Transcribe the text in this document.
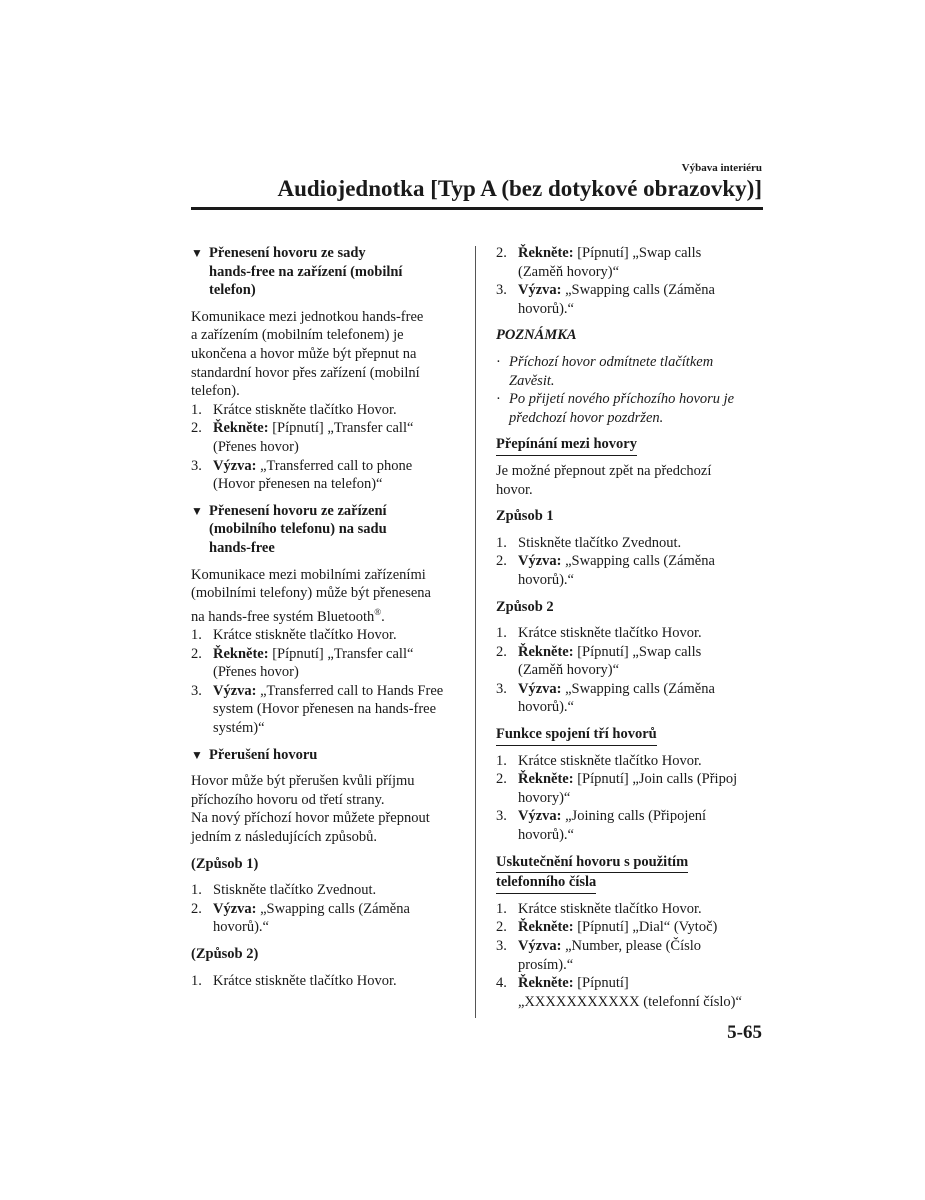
Výbava interiéru
Audiojednotka [Typ A (bez dotykové obrazovky)]
▼ Přenesení hovoru ze sady
hands-free na zařízení (mobilní
telefon)

Komunikace mezi jednotkou hands-free
a zařízením (mobilním telefonem) je
ukončena a hovor může být přepnut na
standardní hovor přes zařízení (mobilní
telefon).

1. Krátce stiskněte tlačítko Hovor.
2. Řekněte: [Pípnutí] „Transfer call“
(Přenes hovor)
3. Výzva: „Transferred call to phone
(Hovor přenesen na telefon)“
▼ Přenesení hovoru ze zařízení
(mobilního telefonu) na sadu
hands-free

Komunikace mezi mobilními zařízeními
(mobilními telefony) může být přenesena
na hands-free systém Bluetooth®.

1. Krátce stiskněte tlačítko Hovor.
2. Řekněte: [Pípnutí] „Transfer call“
(Přenes hovor)
3. Výzva: „Transferred call to Hands Free
system (Hovor přenesen na hands-free
systém)“
▼ Přerušení hovoru

Hovor může být přerušen kvůli příjmu
příchozího hovoru od třetí strany.
Na nový příchozí hovor můžete přepnout
jedním z následujících způsobů.

(Způsob 1)
1. Stiskněte tlačítko Zvednout.
2. Výzva: „Swapping calls (Záměna
hovorů).“
(Způsob 2)
1. Krátce stiskněte tlačítko Hovor.
2. Řekněte: [Pípnutí] „Swap calls
(Zaměň hovory)“
3. Výzva: „Swapping calls (Záměna
hovorů).“
POZNÁMKA
· Příchozí hovor odmítnete tlačítkem
Zavěsit.
· Po přijetí nového příchozího hovoru je
předchozí hovor pozdržen.
Přepínání mezi hovory

Je možné přepnout zpět na předchozí
hovor.

Způsob 1
1. Stiskněte tlačítko Zvednout.
2. Výzva: „Swapping calls (Záměna
hovorů).“
Způsob 2
1. Krátce stiskněte tlačítko Hovor.
2. Řekněte: [Pípnutí] „Swap calls
(Zaměň hovory)“
3. Výzva: „Swapping calls (Záměna
hovorů).“
Funkce spojení tří hovorů
1. Krátce stiskněte tlačítko Hovor.
2. Řekněte: [Pípnutí] „Join calls (Připoj
hovory)“
3. Výzva: „Joining calls (Připojení
hovorů).“
Uskutečnění hovoru s použitím
telefonního čísla
1. Krátce stiskněte tlačítko Hovor.
2. Řekněte: [Pípnutí] „Dial“ (Vytoč)
3. Výzva: „Number, please (Číslo
prosím).“
4. Řekněte: [Pípnutí]
„XXXXXXXXXXX (telefonní číslo)“
5-65
